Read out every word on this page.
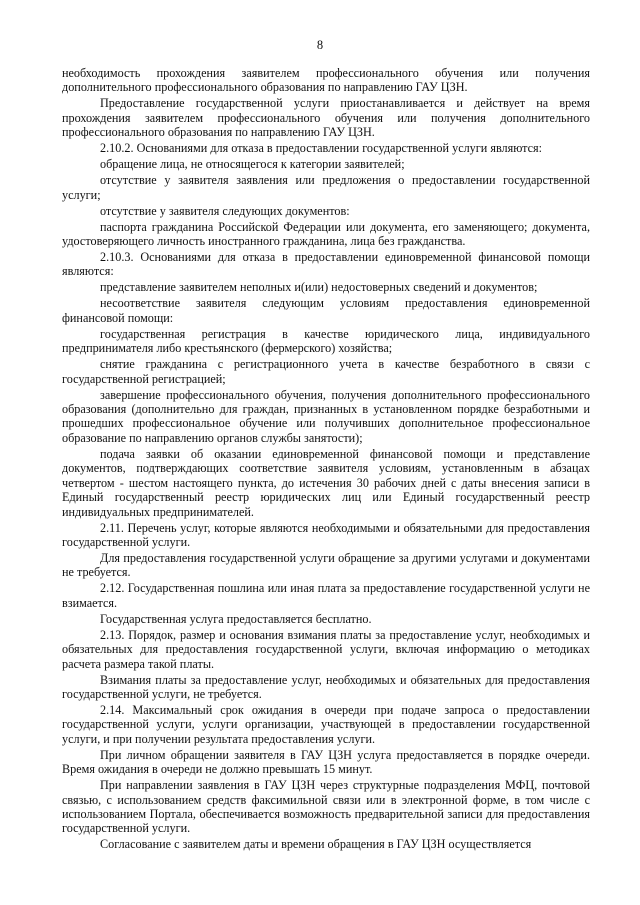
8

необходимость прохождения заявителем профессионального обучения или получения дополнительного профессионального образования по направлению ГАУ ЦЗН.

Предоставление государственной услуги приостанавливается и действует на время прохождения заявителем профессионального обучения или получения дополнительного профессионального образования по направлению ГАУ ЦЗН.

2.10.2. Основаниями для отказа в предоставлении государственной услуги являются:

обращение лица, не относящегося к категории заявителей;

отсутствие у заявителя заявления или предложения о предоставлении государственной услуги;

отсутствие у заявителя следующих документов:

паспорта гражданина Российской Федерации или документа, его заменяющего; документа, удостоверяющего личность иностранного гражданина, лица без гражданства.

2.10.3. Основаниями для отказа в предоставлении единовременной финансовой помощи являются:

представление заявителем неполных и(или) недостоверных сведений и документов;

несоответствие заявителя следующим условиям предоставления единовременной финансовой помощи:

государственная регистрация в качестве юридического лица, индивидуального предпринимателя либо крестьянского (фермерского) хозяйства;

снятие гражданина с регистрационного учета в качестве безработного в связи с государственной регистрацией;

завершение профессионального обучения, получения дополнительного профессионального образования (дополнительно для граждан, признанных в установленном порядке безработными и прошедших профессиональное обучение или получивших дополнительное профессиональное образование по направлению органов службы занятости);

подача заявки об оказании единовременной финансовой помощи и представление документов, подтверждающих соответствие заявителя условиям, установленным в абзацах четвертом - шестом настоящего пункта, до истечения 30 рабочих дней с даты внесения записи в Единый государственный реестр юридических лиц или Единый государственный реестр индивидуальных предпринимателей.

2.11. Перечень услуг, которые являются необходимыми и обязательными для предоставления государственной услуги.

Для предоставления государственной услуги обращение за другими услугами и документами не требуется.

2.12. Государственная пошлина или иная плата за предоставление государственной услуги не взимается.

Государственная услуга предоставляется бесплатно.

2.13. Порядок, размер и основания взимания платы за предоставление услуг, необходимых и обязательных для предоставления государственной услуги, включая информацию о методиках расчета размера такой платы.

Взимания платы за предоставление услуг, необходимых и обязательных для предоставления государственной услуги, не требуется.

2.14. Максимальный срок ожидания в очереди при подаче запроса о предоставлении государственной услуги, услуги организации, участвующей в предоставлении государственной услуги, и при получении результата предоставления услуги.

При личном обращении заявителя в ГАУ ЦЗН услуга предоставляется в порядке очереди. Время ожидания в очереди не должно превышать 15 минут.

При направлении заявления в ГАУ ЦЗН через структурные подразделения МФЦ, почтовой связью, с использованием средств факсимильной связи или в электронной форме, в том числе с использованием Портала, обеспечивается возможность предварительной записи для предоставления государственной услуги.

Согласование с заявителем даты и времени обращения в ГАУ ЦЗН осуществляется
